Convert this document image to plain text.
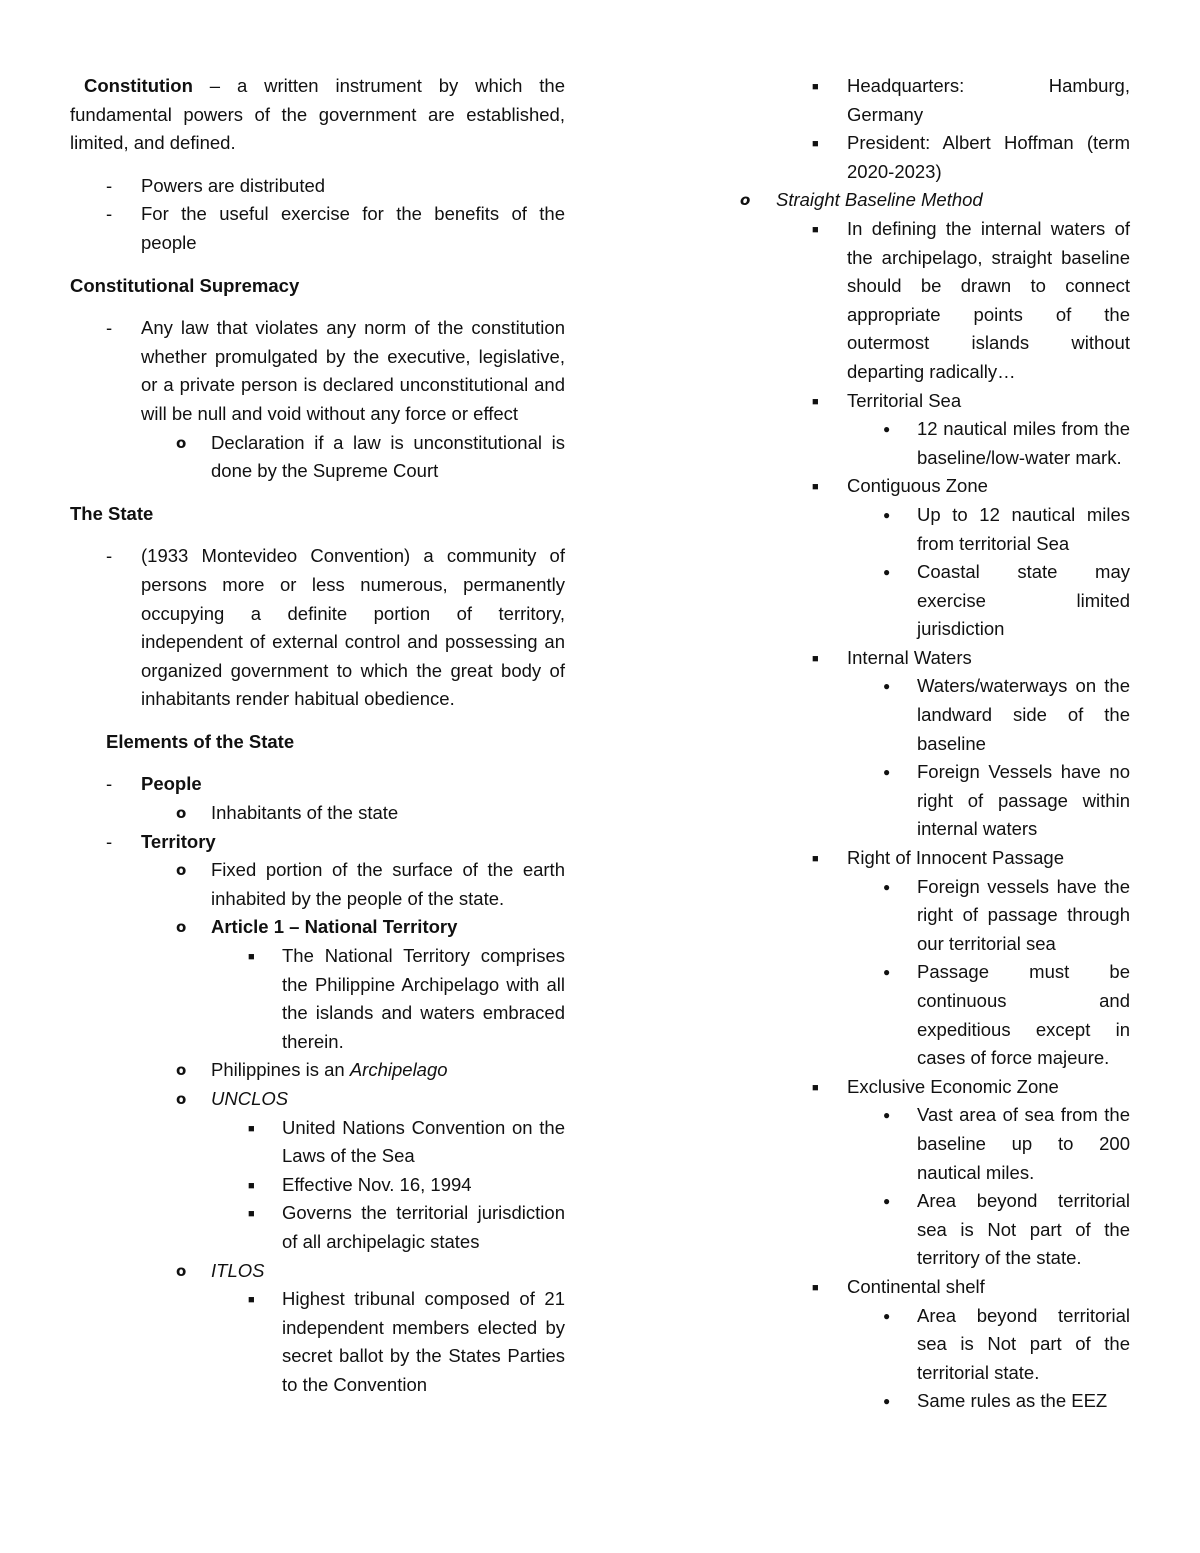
Constitution – a written instrument by which the fundamental powers of the government are established, limited, and defined.

- Powers are distributed
- For the useful exercise for the benefits of the people

Constitutional Supremacy

- Any law that violates any norm of the constitution whether promulgated by the executive, legislative, or a private person is declared unconstitutional and will be null and void without any force or effect
o Declaration if a law is unconstitutional is done by the Supreme Court

The State

- (1933 Montevideo Convention) a community of persons more or less numerous, permanently occupying a definite portion of territory, independent of external control and possessing an organized government to which the great body of inhabitants render habitual obedience.

Elements of the State

- People
o Inhabitants of the state
- Territory
o Fixed portion of the surface of the earth inhabited by the people of the state.
o Article 1 – National Territory
■ The National Territory comprises the Philippine Archipelago with all the islands and waters embraced therein.
o Philippines is an Archipelago
o UNCLOS
■ United Nations Convention on the Laws of the Sea
■ Effective Nov. 16, 1994
■ Governs the territorial jurisdiction of all archipelagic states
o ITLOS
■ Highest tribunal composed of 21 independent members elected by secret ballot by the States Parties to the Convention
■ Headquarters: Hamburg, Germany
■ President: Albert Hoffman (term 2020-2023)
o Straight Baseline Method
■ In defining the internal waters of the archipelago, straight baseline should be drawn to connect appropriate points of the outermost islands without departing radically…
■ Territorial Sea
● 12 nautical miles from the baseline/low-water mark.
■ Contiguous Zone
● Up to 12 nautical miles from territorial Sea
● Coastal state may exercise limited jurisdiction
■ Internal Waters
● Waters/waterways on the landward side of the baseline
● Foreign Vessels have no right of passage within internal waters
■ Right of Innocent Passage
● Foreign vessels have the right of passage through our territorial sea
● Passage must be continuous and expeditious except in cases of force majeure.
■ Exclusive Economic Zone
● Vast area of sea from the baseline up to 200 nautical miles.
● Area beyond territorial sea is Not part of the territory of the state.
■ Continental shelf
● Area beyond territorial sea is Not part of the territorial state.
● Same rules as the EEZ
